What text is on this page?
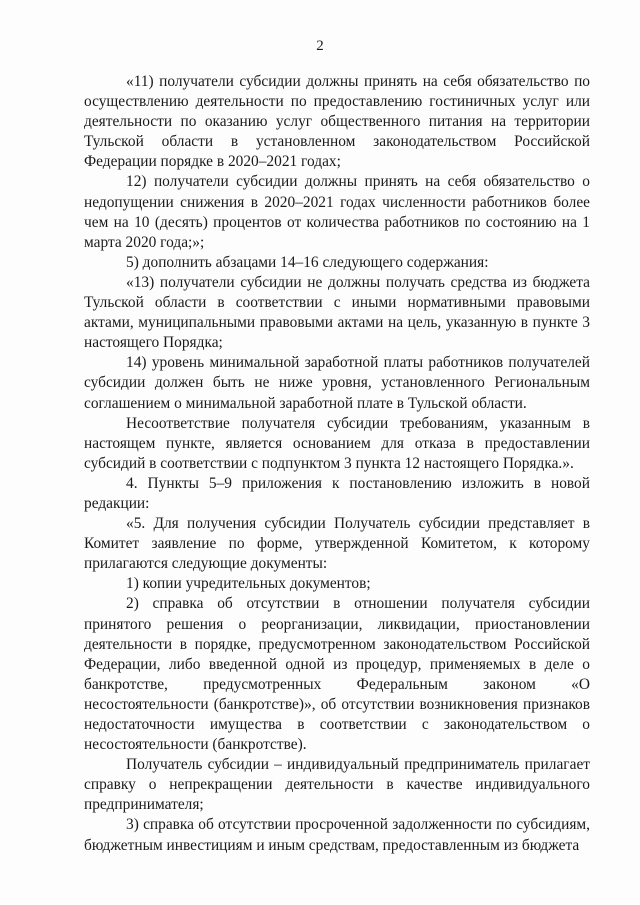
2

«11) получатели субсидии должны принять на себя обязательство по осуществлению деятельности по предоставлению гостиничных услуг или деятельности по оказанию услуг общественного питания на территории Тульской области в установленном законодательством Российской Федерации порядке в 2020–2021 годах;

12) получатели субсидии должны принять на себя обязательство о недопущении снижения в 2020–2021 годах численности работников более чем на 10 (десять) процентов от количества работников по состоянию на 1 марта 2020 года;»;

5) дополнить абзацами 14–16 следующего содержания:

«13) получатели субсидии не должны получать средства из бюджета Тульской области в соответствии с иными нормативными правовыми актами, муниципальными правовыми актами на цель, указанную в пункте 3 настоящего Порядка;

14) уровень минимальной заработной платы работников получателей субсидии должен быть не ниже уровня, установленного Региональным соглашением о минимальной заработной плате в Тульской области.

Несоответствие получателя субсидии требованиям, указанным в настоящем пункте, является основанием для отказа в предоставлении субсидий в соответствии с подпунктом 3 пункта 12 настоящего Порядка.».

4. Пункты 5–9 приложения к постановлению изложить в новой редакции:

«5. Для получения субсидии Получатель субсидии представляет в Комитет заявление по форме, утвержденной Комитетом, к которому прилагаются следующие документы:

1) копии учредительных документов;

2) справка об отсутствии в отношении получателя субсидии принятого решения о реорганизации, ликвидации, приостановлении деятельности в порядке, предусмотренном законодательством Российской Федерации, либо введенной одной из процедур, применяемых в деле о банкротстве, предусмотренных Федеральным законом «О несостоятельности (банкротстве)», об отсутствии возникновения признаков недостаточности имущества в соответствии с законодательством о несостоятельности (банкротстве).

Получатель субсидии – индивидуальный предприниматель прилагает справку о непрекращении деятельности в качестве индивидуального предпринимателя;

3) справка об отсутствии просроченной задолженности по субсидиям, бюджетным инвестициям и иным средствам, предоставленным из бюджета
